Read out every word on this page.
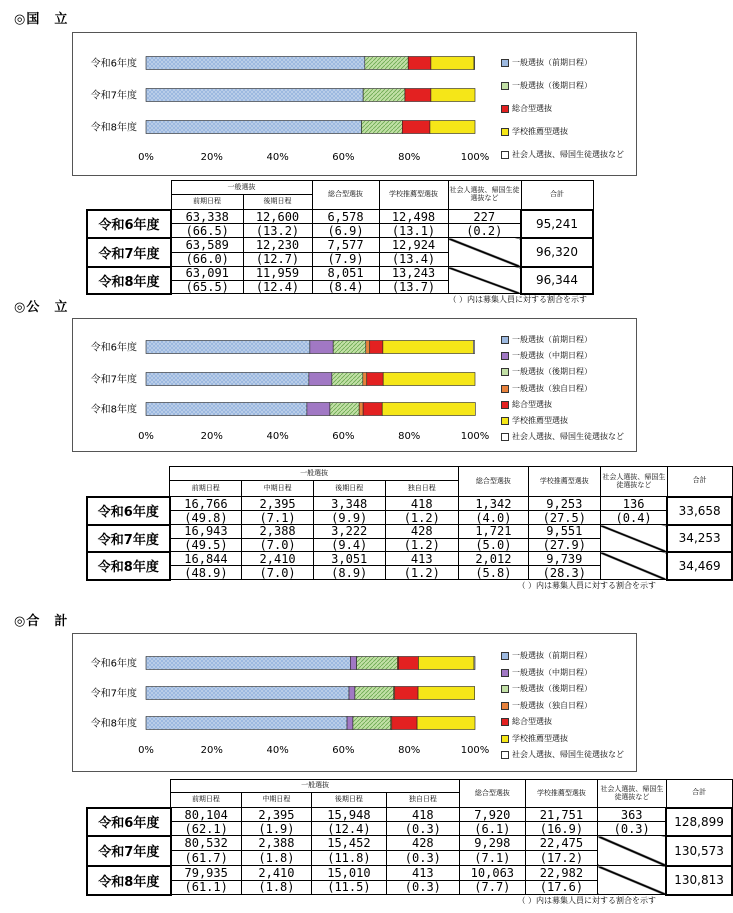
◎国　立
令和6年度
令和7年度
令和8年度
0%	20%	40%	60%	80%	100%
一般選抜（前期日程）
一般選抜（後期日程）
総合型選抜
学校推薦型選抜
社会人選抜、帰国生徒選抜など
	一般選抜		総合型選抜	学校推薦型選抜	社会人選抜、帰国生徒選抜など	合計
	前期日程	後期日程				
令和6年度	63,338	12,600	6,578	12,498	227	95,241
	(66.5)	(13.2)	(6.9)	(13.1)	(0.2)	
令和7年度	63,589	12,230	7,577	12,924		96,320
	(66.0)	(12.7)	(7.9)	(13.4)		
令和8年度	63,091	11,959	8,051	13,243		96,344
	(65.5)	(12.4)	(8.4)	(13.7)		
（ ）内は募集人員に対する割合を示す
◎公　立
令和6年度
令和7年度
令和8年度
0%	20%	40%	60%	80%	100%
一般選抜（前期日程）
一般選抜（中期日程）
一般選抜（後期日程）
一般選抜（独自日程）
総合型選抜
学校推薦型選抜
社会人選抜、帰国生徒選抜など
	一般選抜				総合型選抜	学校推薦型選抜	社会人選抜、帰国生徒選抜など	合計
	前期日程	中期日程	後期日程	独自日程				
令和6年度	16,766	2,395	3,348	418	1,342	9,253	136	33,658
	(49.8)	(7.1)	(9.9)	(1.2)	(4.0)	(27.5)	(0.4)	
令和7年度	16,943	2,388	3,222	428	1,721	9,551		34,253
	(49.5)	(7.0)	(9.4)	(1.2)	(5.0)	(27.9)		
令和8年度	16,844	2,410	3,051	413	2,012	9,739		34,469
	(48.9)	(7.0)	(8.9)	(1.2)	(5.8)	(28.3)		
（ ）内は募集人員に対する割合を示す
◎合　計
令和6年度
令和7年度
令和8年度
0%	20%	40%	60%	80%	100%
一般選抜（前期日程）
一般選抜（中期日程）
一般選抜（後期日程）
一般選抜（独自日程）
総合型選抜
学校推薦型選抜
社会人選抜、帰国生徒選抜など
	一般選抜				総合型選抜	学校推薦型選抜	社会人選抜、帰国生徒選抜など	合計
	前期日程	中期日程	後期日程	独自日程				
令和6年度	80,104	2,395	15,948	418	7,920	21,751	363	128,899
	(62.1)	(1.9)	(12.4)	(0.3)	(6.1)	(16.9)	(0.3)	
令和7年度	80,532	2,388	15,452	428	9,298	22,475		130,573
	(61.7)	(1.8)	(11.8)	(0.3)	(7.1)	(17.2)		
令和8年度	79,935	2,410	15,010	413	10,063	22,982		130,813
	(61.1)	(1.8)	(11.5)	(0.3)	(7.7)	(17.6)		
（ ）内は募集人員に対する割合を示す
